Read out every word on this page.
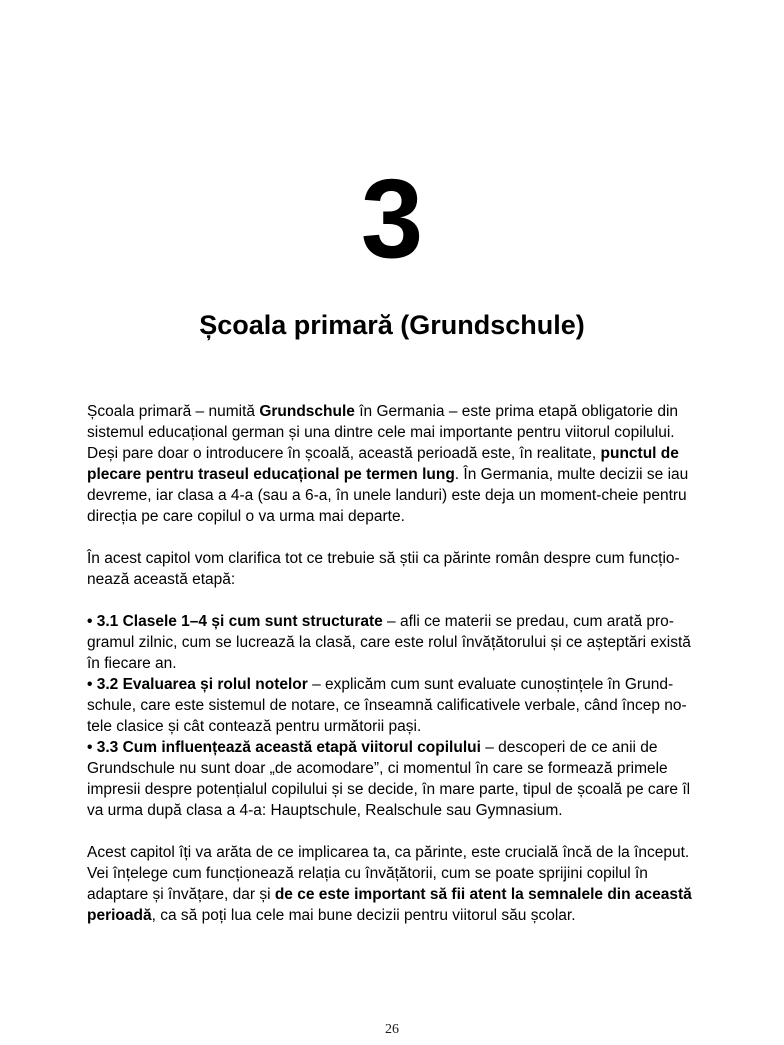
3
Școala primară (Grundschule)

Școala primară – numită Grundschule în Germania – este prima etapă obligatorie din sistemul educațional german și una dintre cele mai importante pentru viitorul copilului. Deși pare doar o introducere în școală, această perioadă este, în realitate, punctul de plecare pentru traseul educațional pe termen lung. În Germania, multe decizii se iau devreme, iar clasa a 4-a (sau a 6-a, în unele landuri) este deja un moment-cheie pentru direcția pe care copilul o va urma mai departe.

În acest capitol vom clarifica tot ce trebuie să știi ca părinte român despre cum funcționează această etapă:

• 3.1 Clasele 1–4 și cum sunt structurate – afli ce materii se predau, cum arată programul zilnic, cum se lucrează la clasă, care este rolul învățătorului și ce așteptări există în fiecare an.

• 3.2 Evaluarea și rolul notelor – explicăm cum sunt evaluate cunoștințele în Grundschule, care este sistemul de notare, ce înseamnă calificativele verbale, când încep notele clasice și cât contează pentru următorii pași.

• 3.3 Cum influențează această etapă viitorul copilului – descoperi de ce anii de Grundschule nu sunt doar „de acomodare”, ci momentul în care se formează primele impresii despre potențialul copilului și se decide, în mare parte, tipul de școală pe care îl va urma după clasa a 4-a: Hauptschule, Realschule sau Gymnasium.

Acest capitol îți va arăta de ce implicarea ta, ca părinte, este crucială încă de la început. Vei înțelege cum funcționează relația cu învățătorii, cum se poate sprijini copilul în adaptare și învățare, dar și de ce este important să fii atent la semnalele din această perioadă, ca să poți lua cele mai bune decizii pentru viitorul său școlar.

26
